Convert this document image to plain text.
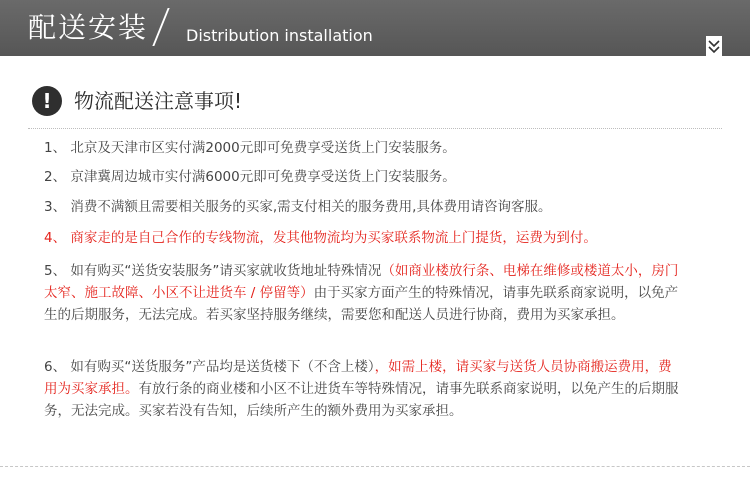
配送安装 Distribution installation
!	物流配送注意事项!
1、 北京及天津市区实付满2000元即可免费享受送货上门安装服务。
2、 京津冀周边城市实付满6000元即可免费享受送货上门安装服务。
3、 消费不满额且需要相关服务的买家,需支付相关的服务费用,具体费用请咨询客服。
4、 商家走的是自己合作的专线物流，发其他物流均为买家联系物流上门提货，运费为到付。
5、 如有购买“送货安装服务”请买家就收货地址特殊情况（如商业楼放行条、电梯在维修或楼道太小，房门太窄、施工故障、小区不让进货车 / 停留等）由于买家方面产生的特殊情况，请事先联系商家说明，以免产生的后期服务，无法完成。若买家坚持服务继续，需要您和配送人员进行协商，费用为买家承担。
6、 如有购买“送货服务”产品均是送货楼下（不含上楼），如需上楼，请买家与送货人员协商搬运费用，费用为买家承担。有放行条的商业楼和小区不让进货车等特殊情况，请事先联系商家说明，以免产生的后期服务，无法完成。买家若没有告知，后续所产生的额外费用为买家承担。
